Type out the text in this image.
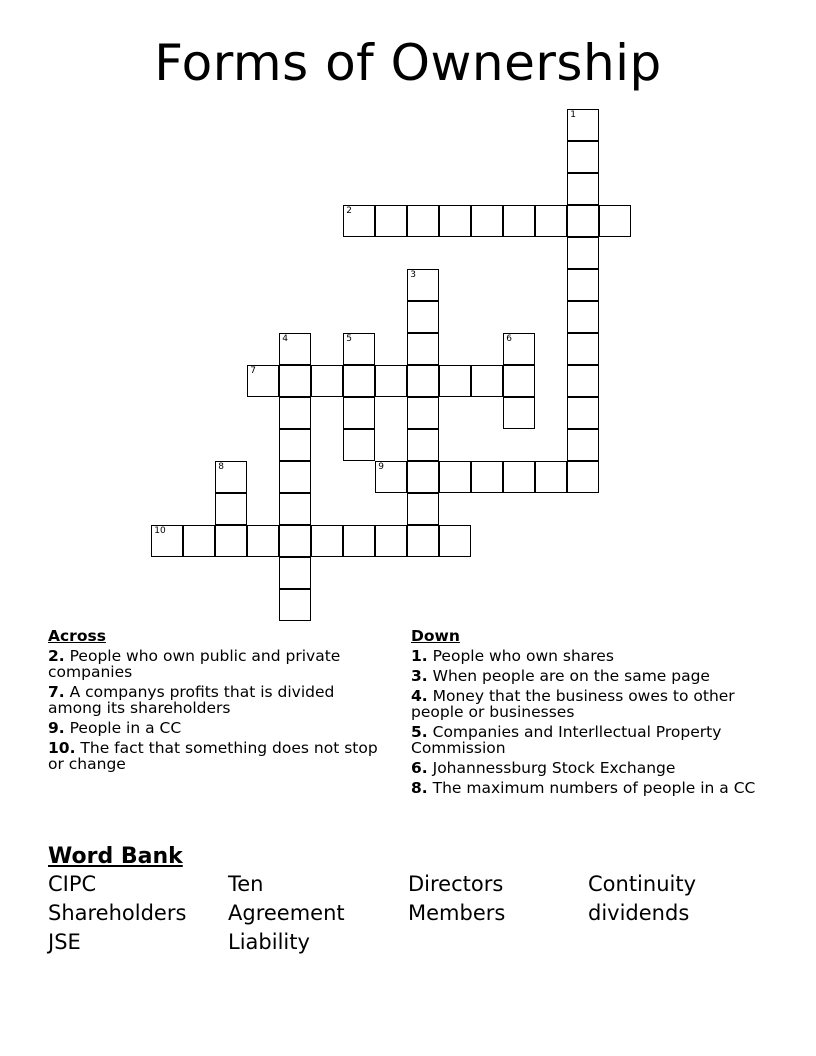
Forms of Ownership
1
2
3
4	5	6
7
8	9
10
Across
2. People who own public and private companies
7. A companys profits that is divided among its shareholders
9. People in a CC
10. The fact that something does not stop or change
Down
1. People who own shares
3. When people are on the same page
4. Money that the business owes to other people or businesses
5. Companies and Interllectual Property Commission
6. Johannessburg Stock Exchange
8. The maximum numbers of people in a CC
Word Bank
CIPC	Ten	Directors	Continuity
Shareholders	Agreement	Members	dividends
JSE	Liability
